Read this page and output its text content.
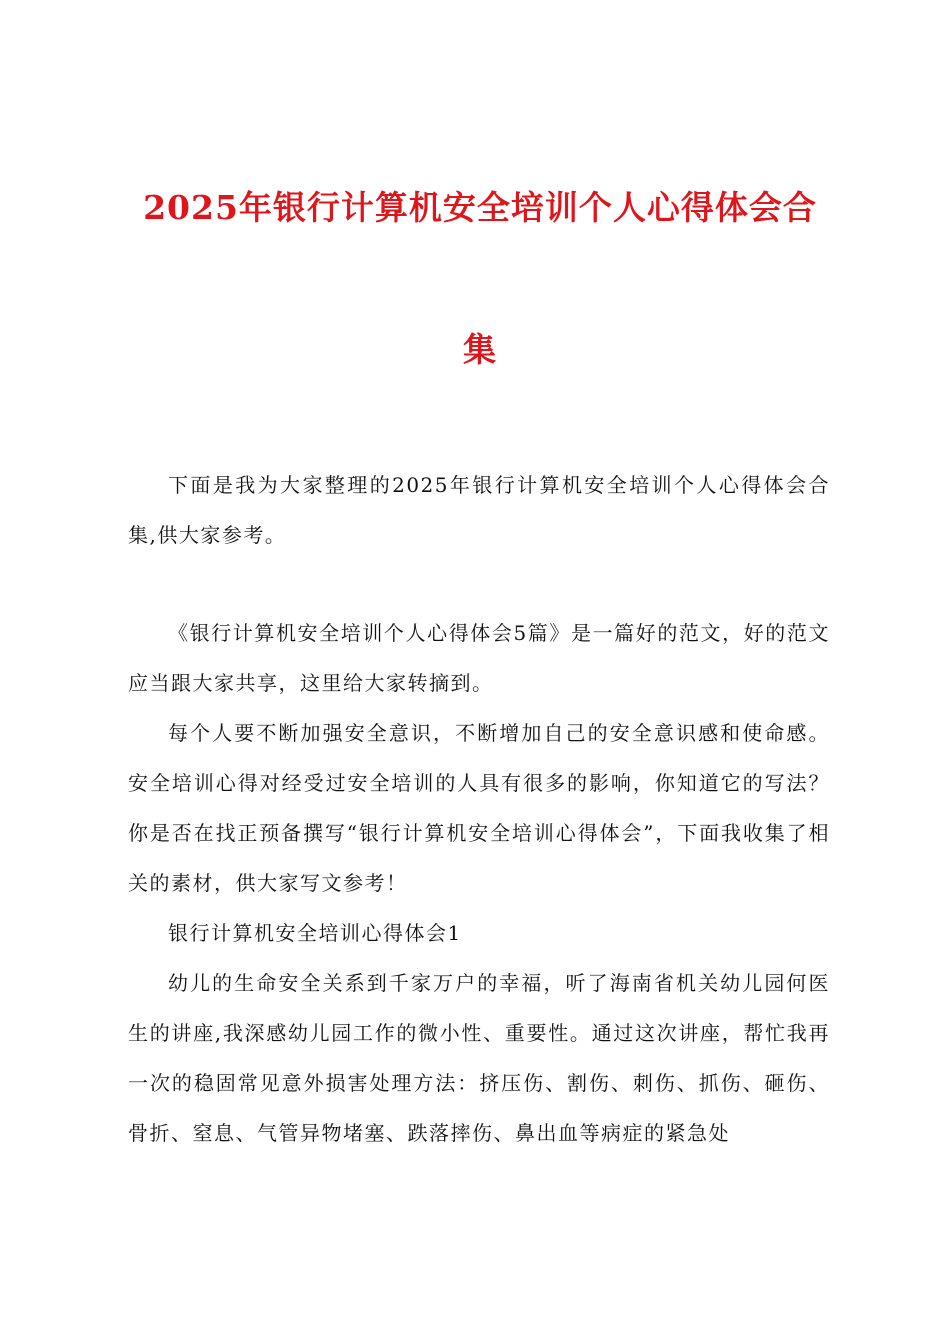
2025年银行计算机安全培训个人心得体会合
集

下面是我为大家整理的2025年银行计算机安全培训个人心得体会合集,供大家参考。

《银行计算机安全培训个人心得体会5篇》是一篇好的范文，好的范文应当跟大家共享，这里给大家转摘到。

每个人要不断加强安全意识，不断增加自己的安全意识感和使命感。安全培训心得对经受过安全培训的人具有很多的影响，你知道它的写法？你是否在找正预备撰写“银行计算机安全培训心得体会”，下面我收集了相关的素材，供大家写文参考！

银行计算机安全培训心得体会1

幼儿的生命安全关系到千家万户的幸福，听了海南省机关幼儿园何医生的讲座,我深感幼儿园工作的微小性、重要性。通过这次讲座，帮忙我再一次的稳固常见意外损害处理方法：挤压伤、割伤、刺伤、抓伤、砸伤、骨折、窒息、气管异物堵塞、跌落摔伤、鼻出血等病症的紧急处
